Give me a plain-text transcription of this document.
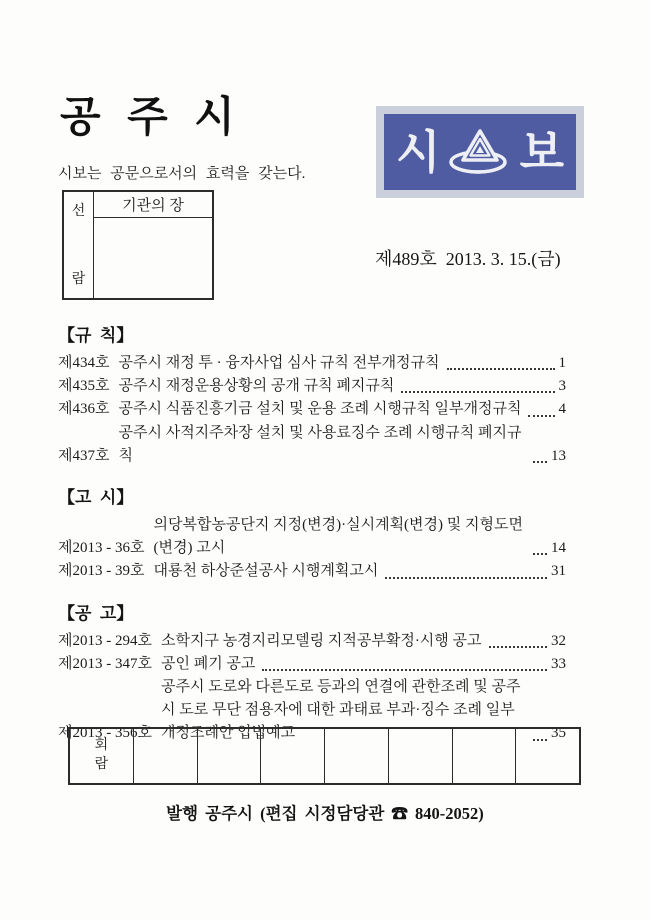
공 주 시
시 보

시보는 공문으로서의 효력을 갖는다.

선
람
기관의 장
제489호  2013. 3. 15.(금)
【규  칙】
제434호 공주시 재정 투 · 융자사업 심사 규칙 전부개정규칙	1
제435호 공주시 재정운용상황의 공개 규칙 폐지규칙	3
제436호 공주시 식품진흥기금 설치 및 운용 조례 시행규칙 일부개정규칙 4
제437호
공주시 사적지주차장 설치 및 사용료징수 조례 시행규칙 폐지규칙	13
【고  시】
제2013 - 36호
의당복합농공단지 지정(변경)·실시계획(변경) 및 지형도면(변경) 고시	14
제2013 - 39호 대룡천 하상준설공사 시행계획고시	31
【공  고】
제2013 - 294호 소학지구 농경지리모델링 지적공부확정·시행 공고	32
제2013 - 347호 공인 폐기 공고	33
제2013 - 356호
공주시 도로와 다른도로 등과의 연결에 관한조례 및 공주시 도로 무단 점용자에 대한 과태료 부과·징수 조례 일부개정조례안 입법예고	35
회
람
발행 공주시 (편집 시정담당관 ☎ 840-2052)
